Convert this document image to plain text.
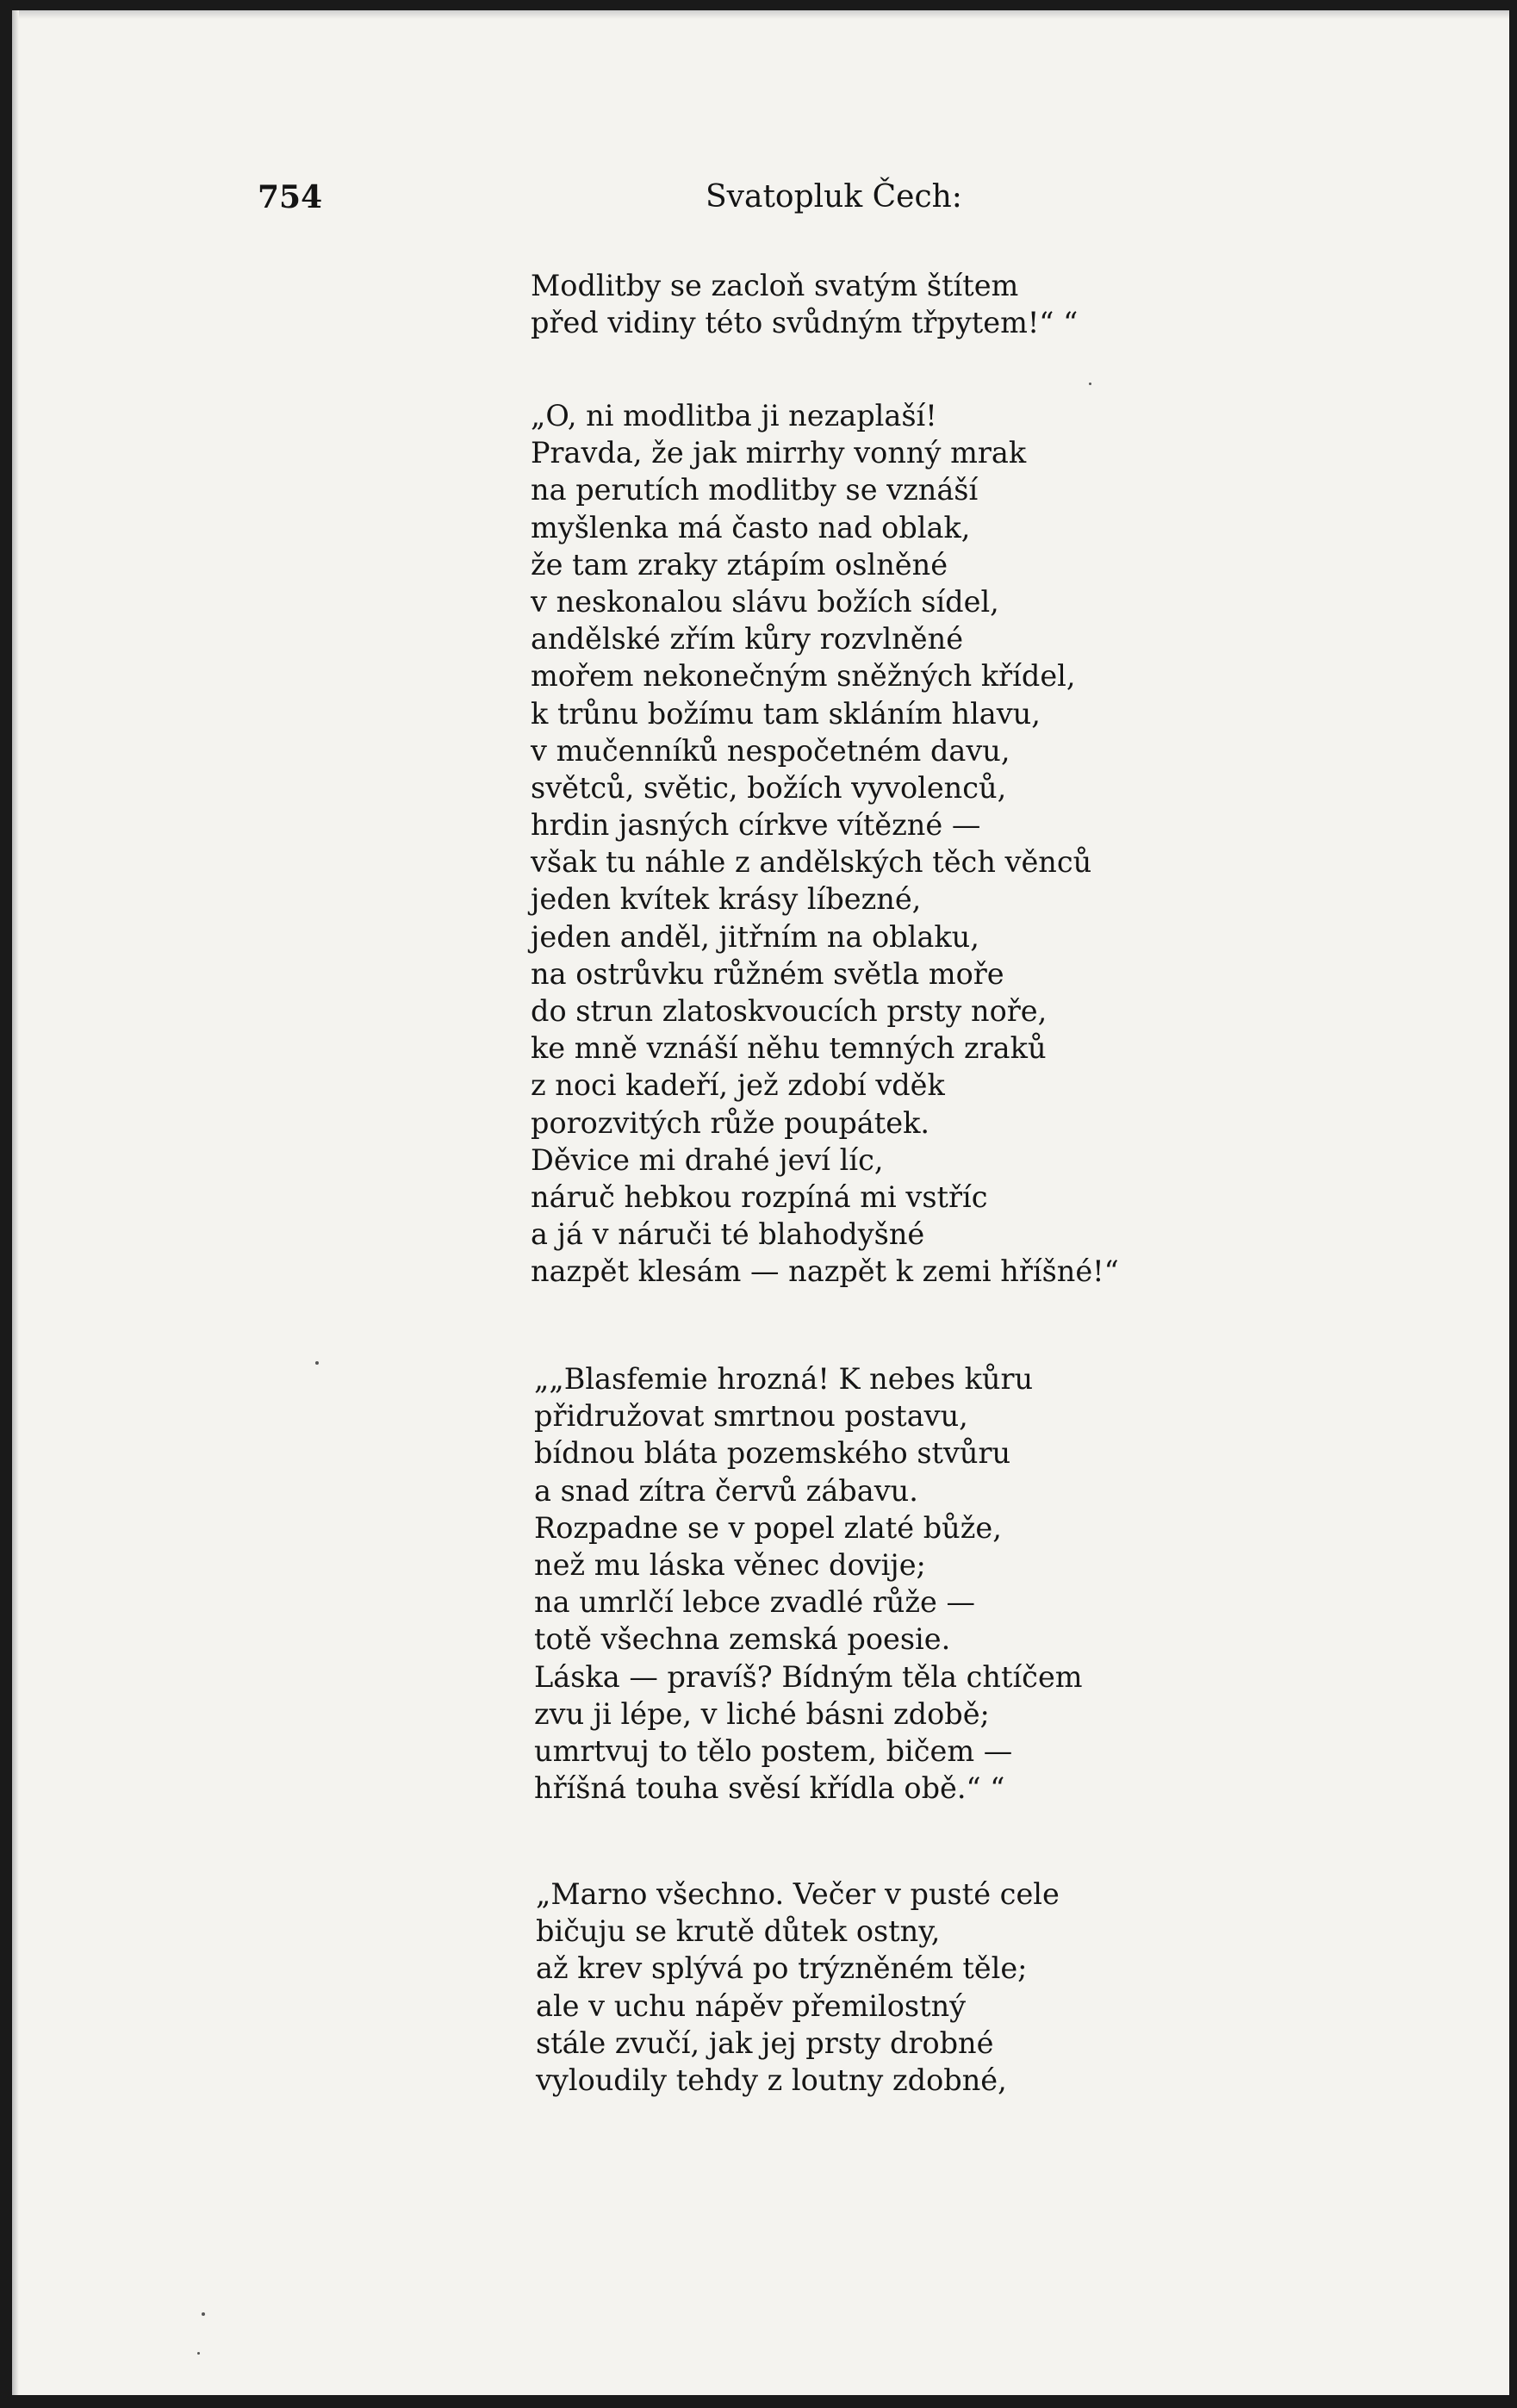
754	Svatopluk Čech:
Modlitby se zacloň svatým štítem
před vidiny této svůdným třpytem!“ “
„O, ni modlitba ji nezaplaší!
Pravda, že jak mirrhy vonný mrak
na perutích modlitby se vznáší
myšlenka má často nad oblak,
že tam zraky ztápím oslněné
v neskonalou slávu božích sídel,
andělské zřím kůry rozvlněné
mořem nekonečným sněžných křídel,
k trůnu božímu tam skláním hlavu,
v mučenníků nespočetném davu,
světců, světic, božích vyvolenců,
hrdin jasných církve vítězné —
však tu náhle z andělských těch věnců
jeden kvítek krásy líbezné,
jeden anděl, jitřním na oblaku,
na ostrůvku růžném světla moře
do strun zlatoskvoucích prsty noře,
ke mně vznáší něhu temných zraků
z noci kadeří, jež zdobí vděk
porozvitých růže poupátek.
Děvice mi drahé jeví líc,
náruč hebkou rozpíná mi vstříc
a já v náruči té blahodyšné
nazpět klesám — nazpět k zemi hříšné!“
„„Blasfemie hrozná! K nebes kůru
přidružovat smrtnou postavu,
bídnou bláta pozemského stvůru
a snad zítra červů zábavu.
Rozpadne se v popel zlaté bůže,
než mu láska věnec dovije;
na umrlčí lebce zvadlé růže —
totě všechna zemská poesie.
Láska — pravíš? Bídným těla chtíčem
zvu ji lépe, v liché básni zdobě;
umrtvuj to tělo postem, bičem —
hříšná touha svěsí křídla obě.“ “
„Marno všechno. Večer v pusté cele
bičuju se krutě důtek ostny,
až krev splývá po trýzněném těle;
ale v uchu nápěv přemilostný
stále zvučí, jak jej prsty drobné
vyloudily tehdy z loutny zdobné,
